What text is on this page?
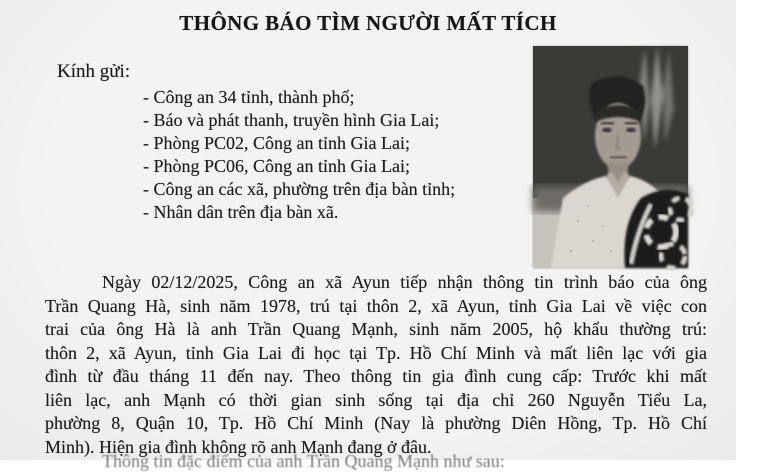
THÔNG BÁO TÌM NGƯỜI MẤT TÍCH
Kính gửi:
- Công an 34 tỉnh, thành phố;
- Báo và phát thanh, truyền hình Gia Lai;
- Phòng PC02, Công an tỉnh Gia Lai;
- Phòng PC06, Công an tỉnh Gia Lai;
- Công an các xã, phường trên địa bàn tỉnh;
- Nhân dân trên địa bàn xã.
Ngày 02/12/2025, Công an xã Ayun tiếp nhận thông tin trình báo của ông
Trần Quang Hà, sinh năm 1978, trú tại thôn 2, xã Ayun, tỉnh Gia Lai về việc con
trai của ông Hà là anh Trần Quang Mạnh, sinh năm 2005, hộ khẩu thường trú:
thôn 2, xã Ayun, tỉnh Gia Lai đi học tại Tp. Hồ Chí Minh và mất liên lạc với gia
đình từ đầu tháng 11 đến nay. Theo thông tin gia đình cung cấp: Trước khi mất
liên lạc, anh Mạnh có thời gian sinh sống tại địa chỉ 260 Nguyễn Tiểu La,
phường 8, Quận 10, Tp. Hồ Chí Minh (Nay là phường Diên Hồng, Tp. Hồ Chí
Minh). Hiện gia đình không rõ anh Mạnh đang ở đâu.
Thông tin đặc điểm của anh Trần Quang Mạnh như sau:
